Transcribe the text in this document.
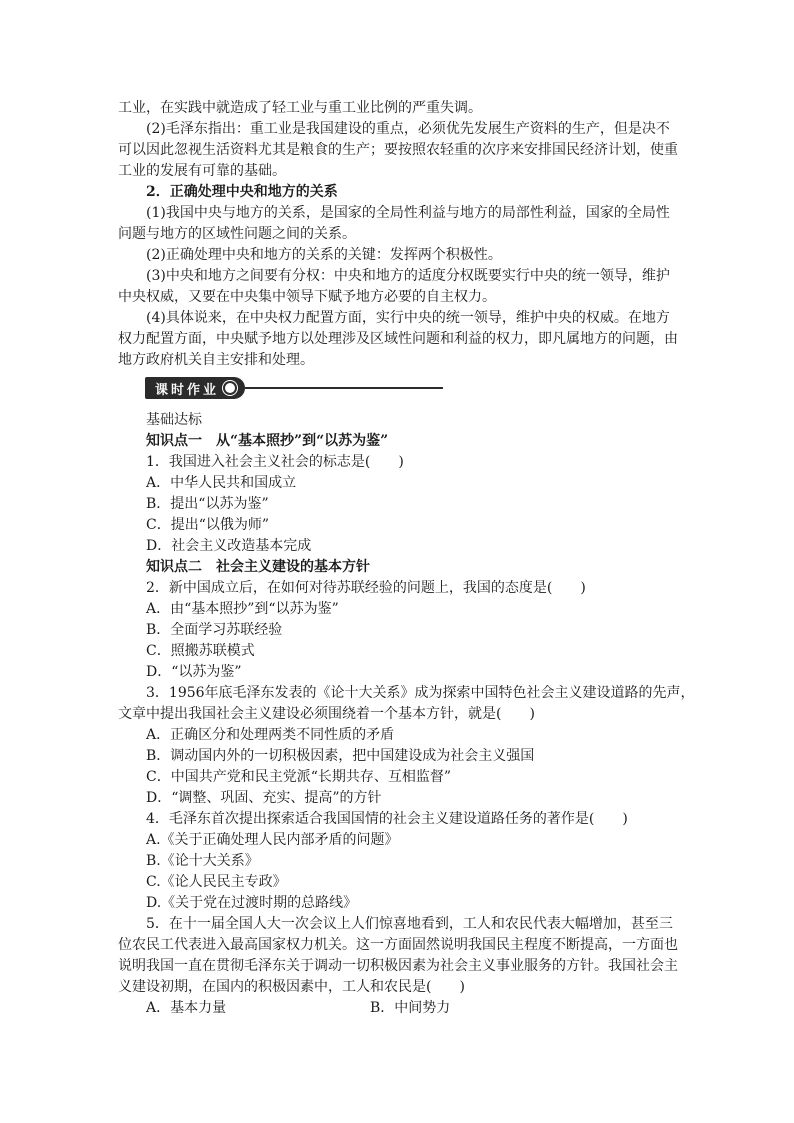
工业，在实践中就造成了轻工业与重工业比例的严重失调。
(2)毛泽东指出：重工业是我国建设的重点，必须优先发展生产资料的生产，但是决不
可以因此忽视生活资料尤其是粮食的生产；要按照农轻重的次序来安排国民经济计划，使重
工业的发展有可靠的基础。
2．正确处理中央和地方的关系
(1)我国中央与地方的关系，是国家的全局性利益与地方的局部性利益，国家的全局性
问题与地方的区域性问题之间的关系。
(2)正确处理中央和地方的关系的关键：发挥两个积极性。
(3)中央和地方之间要有分权：中央和地方的适度分权既要实行中央的统一领导，维护
中央权威，又要在中央集中领导下赋予地方必要的自主权力。
(4)具体说来，在中央权力配置方面，实行中央的统一领导，维护中央的权威。在地方
权力配置方面，中央赋予地方以处理涉及区域性问题和利益的权力，即凡属地方的问题，由
地方政府机关自主安排和处理。
课时作业
基础达标
知识点一　从“基本照抄”到“以苏为鉴”
1．我国进入社会主义社会的标志是(　　)
A．中华人民共和国成立
B．提出“以苏为鉴”
C．提出“以俄为师”
D．社会主义改造基本完成
知识点二　社会主义建设的基本方针
2．新中国成立后，在如何对待苏联经验的问题上，我国的态度是(　　)
A．由“基本照抄”到“以苏为鉴”
B．全面学习苏联经验
C．照搬苏联模式
D．“以苏为鉴”
3．1956年底毛泽东发表的《论十大关系》成为探索中国特色社会主义建设道路的先声，
文章中提出我国社会主义建设必须围绕着一个基本方针，就是(　　)
A．正确区分和处理两类不同性质的矛盾
B．调动国内外的一切积极因素，把中国建设成为社会主义强国
C．中国共产党和民主党派“长期共存、互相监督”
D．“调整、巩固、充实、提高”的方针
4．毛泽东首次提出探索适合我国国情的社会主义建设道路任务的著作是(　　)
A.《关于正确处理人民内部矛盾的问题》
B.《论十大关系》
C.《论人民民主专政》
D.《关于党在过渡时期的总路线》
5．在十一届全国人大一次会议上人们惊喜地看到，工人和农民代表大幅增加，甚至三
位农民工代表进入最高国家权力机关。这一方面固然说明我国民主程度不断提高，一方面也
说明我国一直在贯彻毛泽东关于调动一切积极因素为社会主义事业服务的方针。我国社会主
义建设初期，在国内的积极因素中，工人和农民是(　　)
A．基本力量	B．中间势力
